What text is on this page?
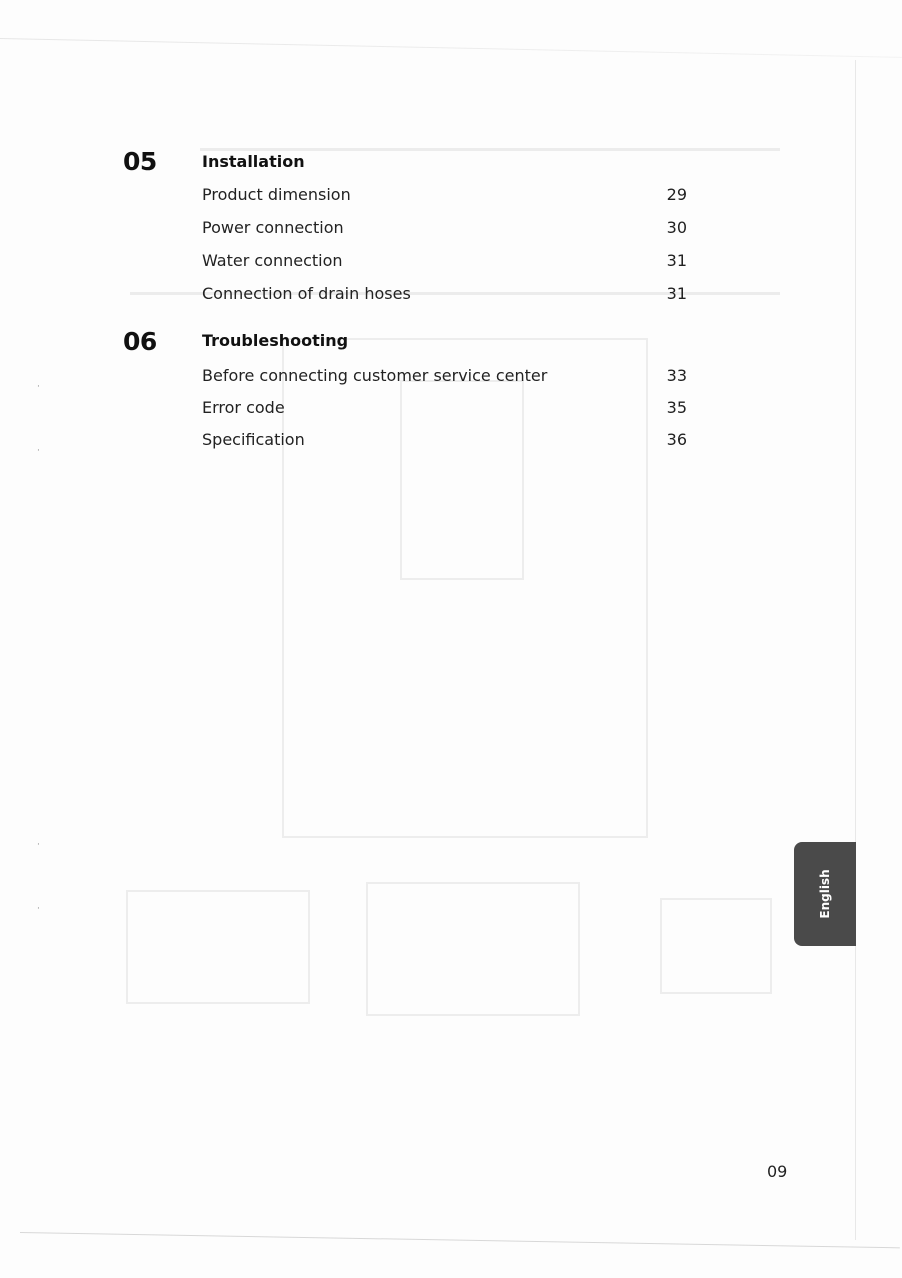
05	Installation
Product dimension	29
Power connection	30
Water connection	31
Connection of drain hoses	31
06	Troubleshooting
Before connecting customer service center	33
Error code	35
Specification	36
English
09
·
·
·
·
